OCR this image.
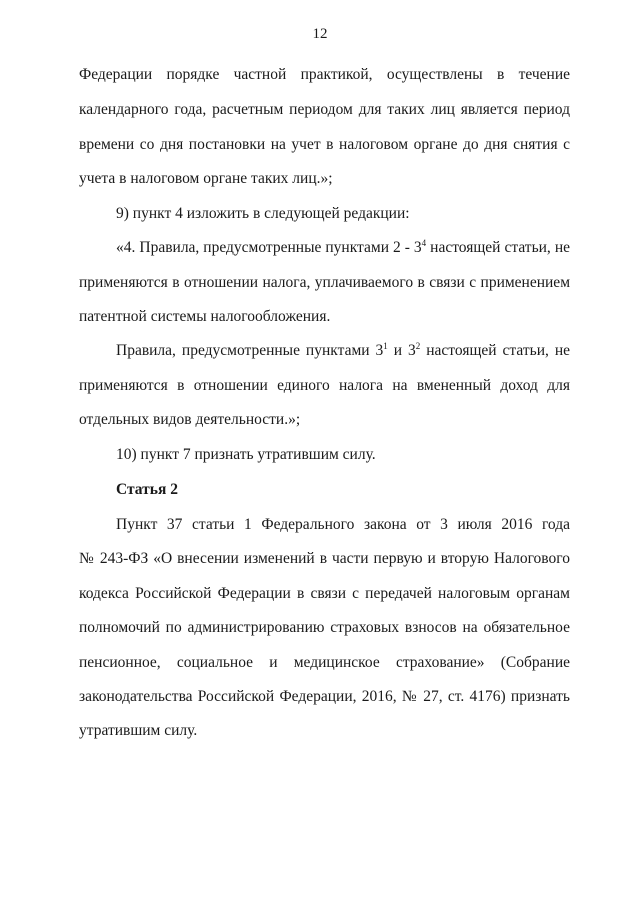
12
Федерации порядке частной практикой, осуществлены в течение
календарного года, расчетным периодом для таких лиц является период
времени со дня постановки на учет в налоговом органе до дня снятия с
учета в налоговом органе таких лиц.»;
9) пункт 4 изложить в следующей редакции:
«4. Правила, предусмотренные пунктами $2 - 3^4$ настоящей статьи, не
применяются в отношении налога, уплачиваемого в связи с применением
патентной системы налогообложения.
Правила, предусмотренные пунктами $3^1$ и $3^2$ настоящей статьи, не
применяются в отношении единого налога на вмененный доход для
отдельных видов деятельности.»;
10) пункт 7 признать утратившим силу.
Статья 2
Пункт 37 статьи 1 Федерального закона от 3 июля 2016 года
№ 243-ФЗ «О внесении изменений в части первую и вторую Налогового
кодекса Российской Федерации в связи с передачей налоговым органам
полномочий по администрированию страховых взносов на обязательное
пенсионное, социальное и медицинское страхование» (Собрание
законодательства Российской Федерации, 2016, № 27, ст. 4176) признать
утратившим силу.
